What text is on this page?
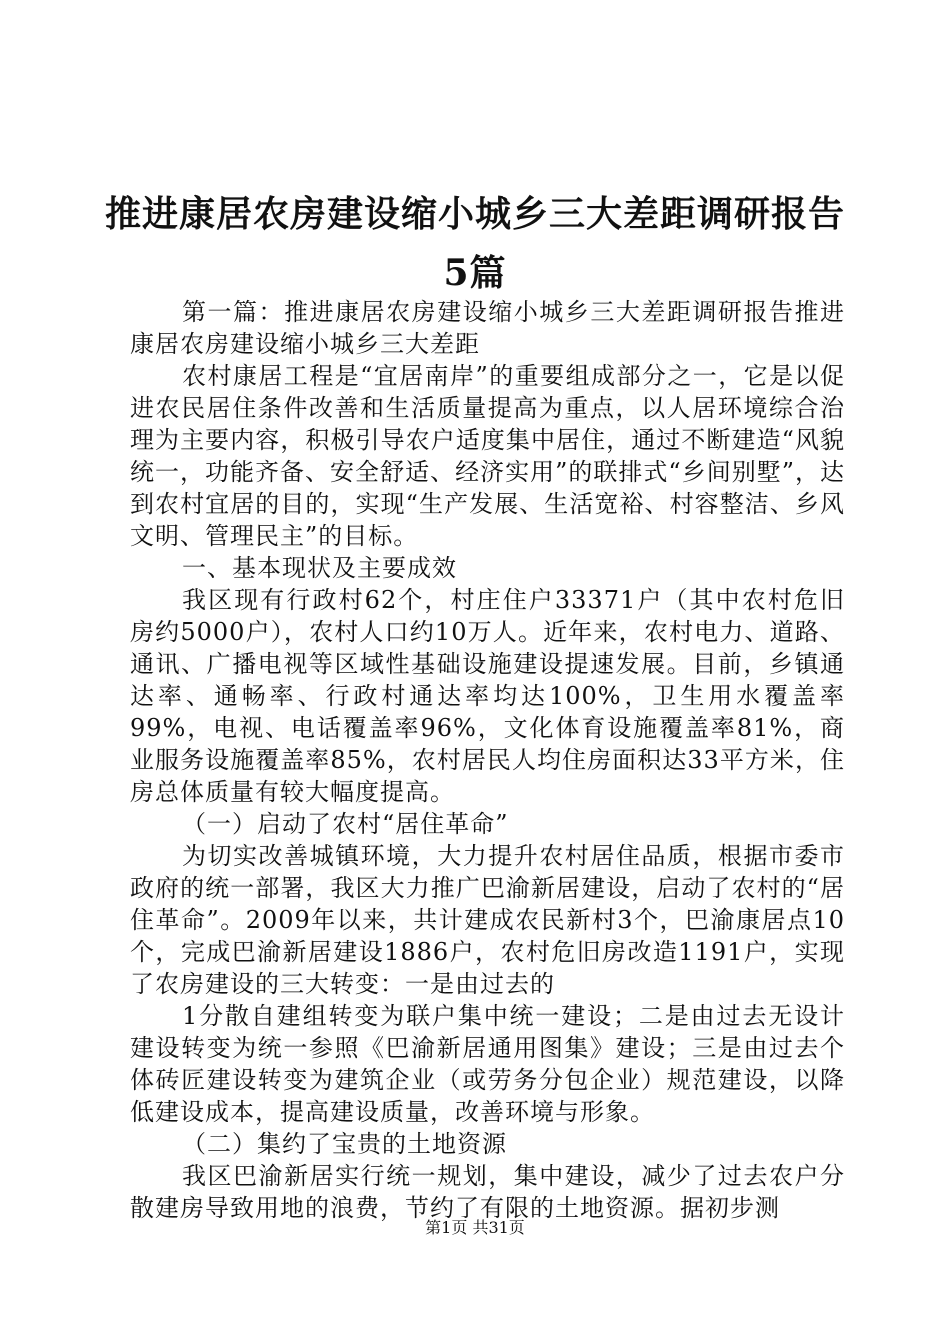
推进康居农房建设缩小城乡三大差距调研报告
5篇

第一篇：推进康居农房建设缩小城乡三大差距调研报告推进康居农房建设缩小城乡三大差距

农村康居工程是“宜居南岸”的重要组成部分之一，它是以促进农民居住条件改善和生活质量提高为重点，以人居环境综合治理为主要内容，积极引导农户适度集中居住，通过不断建造“风貌统一，功能齐备、安全舒适、经济实用”的联排式“乡间别墅”，达到农村宜居的目的，实现“生产发展、生活宽裕、村容整洁、乡风文明、管理民主”的目标。

一、基本现状及主要成效

我区现有行政村62个，村庄住户33371户（其中农村危旧房约5000户），农村人口约10万人。近年来，农村电力、道路、通讯、广播电视等区域性基础设施建设提速发展。目前，乡镇通达率、通畅率、行政村通达率均达100%，卫生用水覆盖率99%，电视、电话覆盖率96%，文化体育设施覆盖率81%，商业服务设施覆盖率85%，农村居民人均住房面积达33平方米，住房总体质量有较大幅度提高。

（一）启动了农村“居住革命”

为切实改善城镇环境，大力提升农村居住品质，根据市委市政府的统一部署，我区大力推广巴渝新居建设，启动了农村的“居住革命”。2009年以来，共计建成农民新村3个，巴渝康居点10个，完成巴渝新居建设1886户，农村危旧房改造1191户，实现了农房建设的三大转变：一是由过去的

1分散自建组转变为联户集中统一建设；二是由过去无设计建设转变为统一参照《巴渝新居通用图集》建设；三是由过去个体砖匠建设转变为建筑企业（或劳务分包企业）规范建设，以降低建设成本，提高建设质量，改善环境与形象。

（二）集约了宝贵的土地资源

我区巴渝新居实行统一规划，集中建设，减少了过去农户分散建房导致用地的浪费，节约了有限的土地资源。据初步测

第1页 共31页
